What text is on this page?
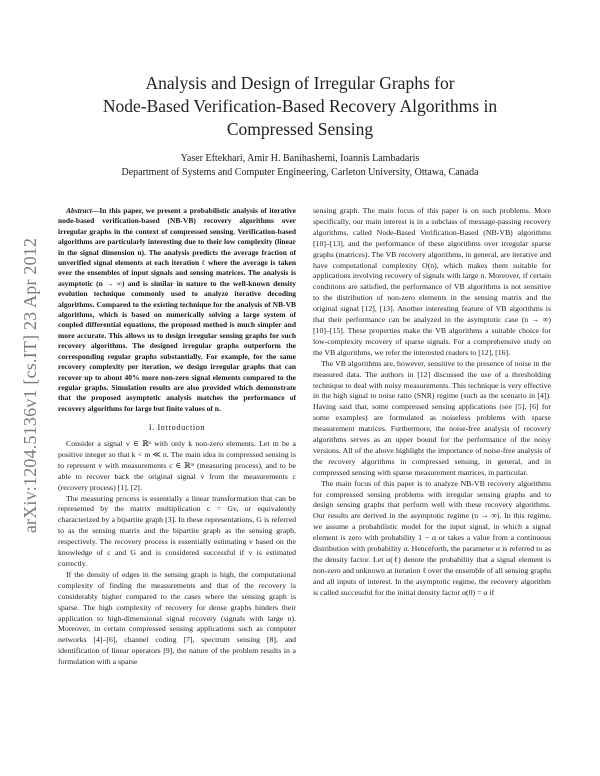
arXiv:1204.5136v1 [cs.IT] 23 Apr 2012
Analysis and Design of Irregular Graphs for
Node-Based Verification-Based Recovery Algorithms in
Compressed Sensing
Yaser Eftekhari, Amir H. Banihashemi, Ioannis Lambadaris
Department of Systems and Computer Engineering, Carleton University, Ottawa, Canada

Abstract—In this paper, we present a probabilistic analysis of iterative node-based verification-based (NB-VB) recovery algorithms over irregular graphs in the context of compressed sensing. Verification-based algorithms are particularly interesting due to their low complexity (linear in the signal dimension n). The analysis predicts the average fraction of unverified signal elements at each iteration ℓ where the average is taken over the ensembles of input signals and sensing matrices. The analysis is asymptotic (n → ∞) and is similar in nature to the well-known density evolution technique commonly used to analyze iterative decoding algorithms. Compared to the existing technique for the analysis of NB-VB algorithms, which is based on numerically solving a large system of coupled differential equations, the proposed method is much simpler and more accurate. This allows us to design irregular sensing graphs for such recovery algorithms. The designed irregular graphs outperform the corresponding regular graphs substantially. For example, for the same recovery complexity per iteration, we design irregular graphs that can recover up to about 40% more non-zero signal elements compared to the regular graphs. Simulation results are also provided which demonstrate that the proposed asymptotic analysis matches the performance of recovery algorithms for large but finite values of n.

I. Introduction

Consider a signal v ∈ ℝⁿ with only k non-zero elements. Let m be a positive integer so that k < m ≪ n. The main idea in compressed sensing is to represent v with measurements c ∈ ℝᵐ (measuring process), and to be able to recover back the original signal v from the measurements c (recovery process) [1], [2].

The measuring process is essentially a linear transformation that can be represented by the matrix multiplication c = Gv, or equivalently characterized by a bipartite graph [3]. In these representations, G is referred to as the sensing matrix and the bipartite graph as the sensing graph, respectively. The recovery process is essentially estimating v based on the knowledge of c and G and is considered successful if v is estimated correctly.

If the density of edges in the sensing graph is high, the computational complexity of finding the measurements and that of the recovery is considerably higher compared to the cases where the sensing graph is sparse. The high complexity of recovery for dense graphs hinders their application to high-dimensional signal recovery (signals with large n). Moreover, in certain compressed sensing applications such as computer networks [4]–[6], channel coding [7], spectrum sensing [8], and identification of linear operators [9], the nature of the problem results in a formulation with a sparse

sensing graph. The main focus of this paper is on such problems. More specifically, our main interest is in a subclass of message-passing recovery algorithms, called Node-Based Verification-Based (NB-VB) algorithms [10]–[13], and the performance of these algorithms over irregular sparse graphs (matrices). The VB recovery algorithms, in general, are iterative and have computational complexity O(n), which makes them suitable for applications involving recovery of signals with large n. Moreover, if certain conditions are satisfied, the performance of VB algorithms is not sensitive to the distribution of non-zero elements in the sensing matrix and the original signal [12], [13]. Another interesting feature of VB algorithms is that their performance can be analyzed in the asymptotic case (n → ∞) [10]–[15]. These properties make the VB algorithms a suitable choice for low-complexity recovery of sparse signals. For a comprehensive study on the VB algorithms, we refer the interested readers to [12], [16].

The VB algorithms are, however, sensitive to the presence of noise in the measured data. The authors in [12] discussed the use of a thresholding technique to deal with noisy measurements. This technique is very effective in the high signal to noise ratio (SNR) regime (such as the scenario in [4]). Having said that, some compressed sensing applications (see [5], [6] for some examples) are formulated as noiseless problems with sparse measurement matrices. Furthermore, the noise-free analysis of recovery algorithms serves as an upper bound for the performance of the noisy versions. All of the above highlight the importance of noise-free analysis of the recovery algorithms in compressed sensing, in general, and in compressed sensing with sparse measurement matrices, in particular.

The main focus of this paper is to analyze NB-VB recovery algorithms for compressed sensing problems with irregular sensing graphs and to design sensing graphs that perform well with these recovery algorithms. Our results are derived in the asymptotic regime (n → ∞). In this regime, we assume a probabilistic model for the input signal, in which a signal element is zero with probability 1 − α or takes a value from a continuous distribution with probability α. Henceforth, the parameter α is referred to as the density factor. Let α(ℓ) denote the probability that a signal element is non-zero and unknown at iteration ℓ over the ensemble of all sensing graphs and all inputs of interest. In the asymptotic regime, the recovery algorithm is called successful for the initial density factor α(0) = α if
